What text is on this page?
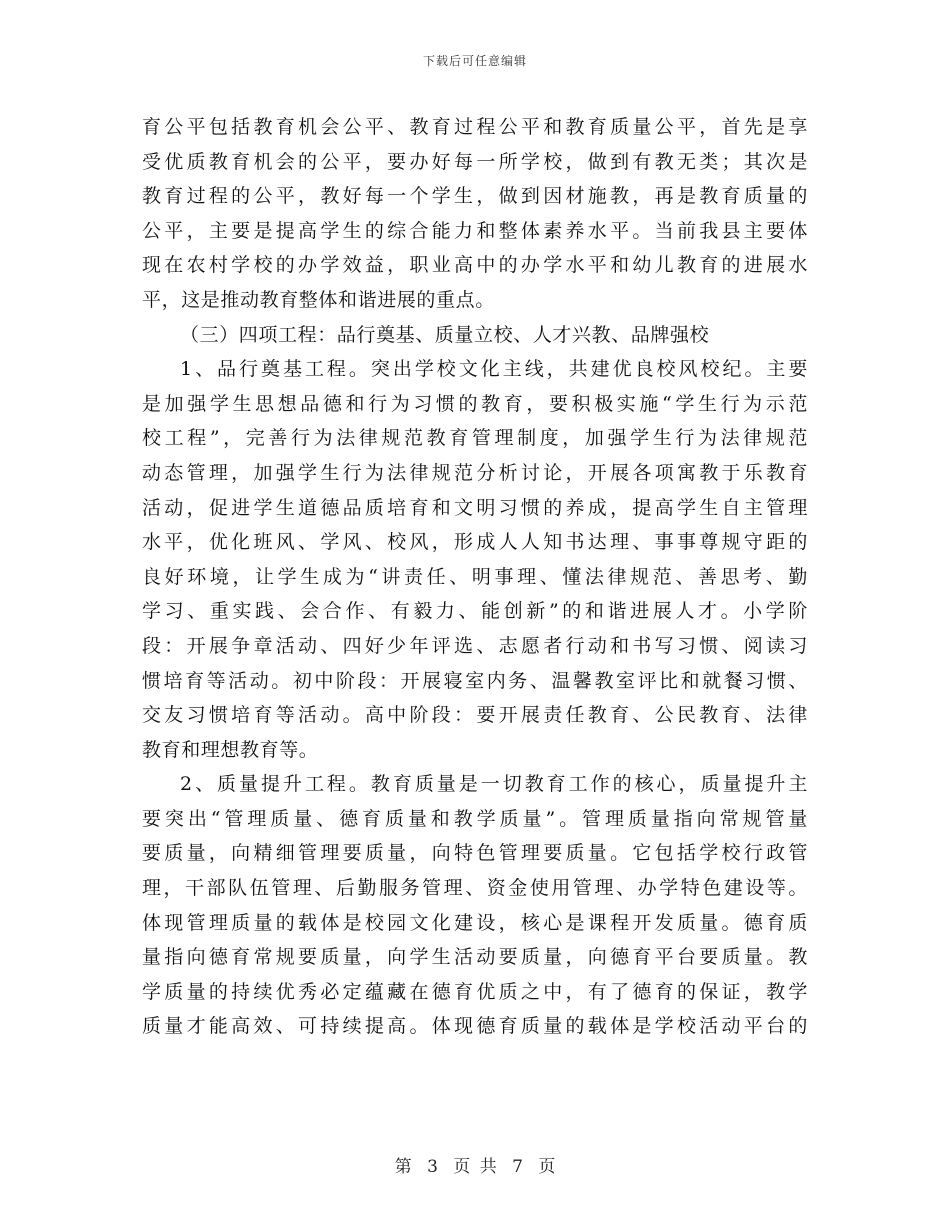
下载后可任意编辑
育公平包括教育机会公平、教育过程公平和教育质量公平，首先是享
受优质教育机会的公平，要办好每一所学校，做到有教无类；其次是
教育过程的公平，教好每一个学生，做到因材施教，再是教育质量的
公平，主要是提高学生的综合能力和整体素养水平。当前我县主要体
现在农村学校的办学效益，职业高中的办学水平和幼儿教育的进展水
平，这是推动教育整体和谐进展的重点。
（三）四项工程：品行奠基、质量立校、人才兴教、品牌强校
1、品行奠基工程。突出学校文化主线，共建优良校风校纪。主要
是加强学生思想品德和行为习惯的教育，要积极实施“学生行为示范
校工程”，完善行为法律规范教育管理制度，加强学生行为法律规范
动态管理，加强学生行为法律规范分析讨论，开展各项寓教于乐教育
活动，促进学生道德品质培育和文明习惯的养成，提高学生自主管理
水平，优化班风、学风、校风，形成人人知书达理、事事尊规守距的
良好环境，让学生成为“讲责任、明事理、懂法律规范、善思考、勤
学习、重实践、会合作、有毅力、能创新”的和谐进展人才。小学阶
段：开展争章活动、四好少年评选、志愿者行动和书写习惯、阅读习
惯培育等活动。初中阶段：开展寝室内务、温馨教室评比和就餐习惯、
交友习惯培育等活动。高中阶段：要开展责任教育、公民教育、法律
教育和理想教育等。
2、质量提升工程。教育质量是一切教育工作的核心，质量提升主
要突出“管理质量、德育质量和教学质量”。管理质量指向常规管量
要质量，向精细管理要质量，向特色管理要质量。它包括学校行政管
理，干部队伍管理、后勤服务管理、资金使用管理、办学特色建设等。
体现管理质量的载体是校园文化建设，核心是课程开发质量。德育质
量指向德育常规要质量，向学生活动要质量，向德育平台要质量。教
学质量的持续优秀必定蕴藏在德育优质之中，有了德育的保证，教学
质量才能高效、可持续提高。体现德育质量的载体是学校活动平台的
第 3 页 共 7 页
